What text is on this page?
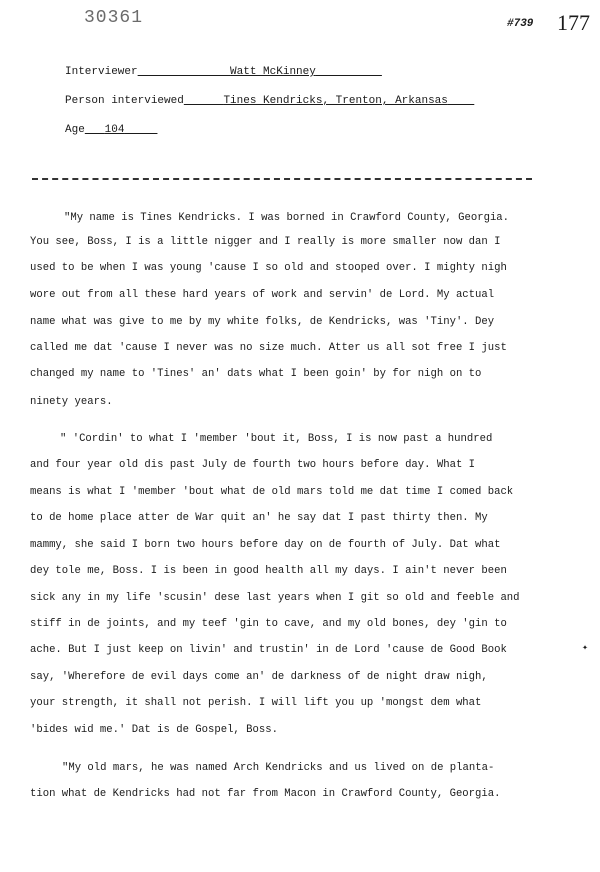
30361	#739 177
Interviewer	Watt McKinney
Person interviewed	Tines Kendricks, Trenton, Arkansas
Age 104
"My name is Tines Kendricks. I was borned in Crawford County, Georgia.
You see, Boss, I is a little nigger and I really is more smaller now dan I
used to be when I was young 'cause I so old and stooped over. I mighty nigh
wore out from all these hard years of work and servin' de Lord. My actual
name what was give to me by my white folks, de Kendricks, was 'Tiny'. Dey
called me dat 'cause I never was no size much. Atter us all sot free I just
changed my name to 'Tines' an' dats what I been goin' by for nigh on to
ninety years.
" 'Cordin' to what I 'member 'bout it, Boss, I is now past a hundred
and four year old dis past July de fourth two hours before day. What I
means is what I 'member 'bout what de old mars told me dat time I comed back
to de home place atter de War quit an' he say dat I past thirty then. My
mammy, she said I born two hours before day on de fourth of July. Dat what
dey tole me, Boss. I is been in good health all my days. I ain't never been
sick any in my life 'scusin' dese last years when I git so old and feeble and
stiff in de joints, and my teef 'gin to cave, and my old bones, dey 'gin to
ache. But I just keep on livin' and trustin' in de Lord 'cause de Good Book
say, 'Wherefore de evil days come an' de darkness of de night draw nigh,
your strength, it shall not perish. I will lift you up 'mongst dem what
'bides wid me.' Dat is de Gospel, Boss.
"My old mars, he was named Arch Kendricks and us lived on de planta-
tion what de Kendricks had not far from Macon in Crawford County, Georgia.
✦
